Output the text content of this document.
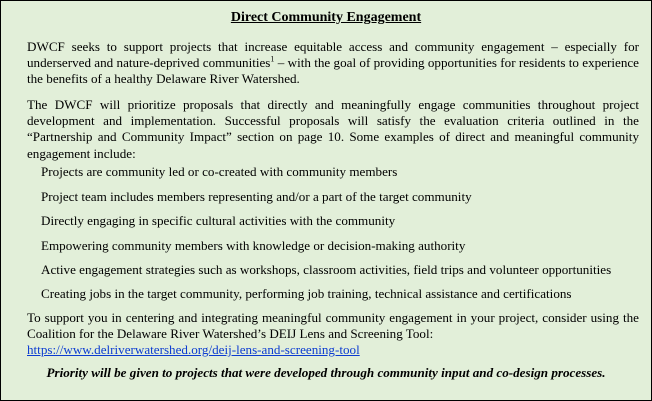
Direct Community Engagement
DWCF seeks to support projects that increase equitable access and community engagement – especially for underserved and nature-deprived communities$^1$ – with the goal of providing opportunities for residents to experience the benefits of a healthy Delaware River Watershed.
The DWCF will prioritize proposals that directly and meaningfully engage communities throughout project development and implementation. Successful proposals will satisfy the evaluation criteria outlined in the “Partnership and Community Impact” section on page 10. Some examples of direct and meaningful community engagement include:
Projects are community led or co-created with community members
Project team includes members representing and/or a part of the target community
Directly engaging in specific cultural activities with the community
Empowering community members with knowledge or decision-making authority
Active engagement strategies such as workshops, classroom activities, field trips and volunteer opportunities
Creating jobs in the target community, performing job training, technical assistance and certifications
To support you in centering and integrating meaningful community engagement in your project, consider using the Coalition for the Delaware River Watershed’s DEIJ Lens and Screening Tool:
https://www.delriverwatershed.org/deij-lens-and-screening-tool
Priority will be given to projects that were developed through community input and co-design processes.
